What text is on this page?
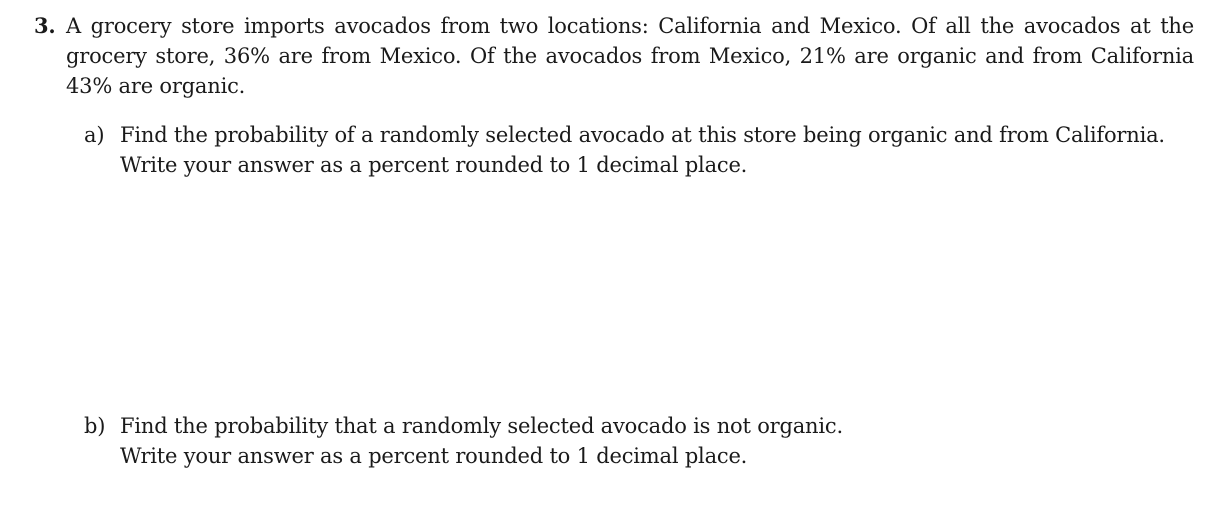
3. A grocery store imports avocados from two locations: California and Mexico. Of all the avocados at the grocery store, 36% are from Mexico. Of the avocados from Mexico, 21% are organic and from California 43% are organic.
a) Find the probability of a randomly selected avocado at this store being organic and from California.
Write your answer as a percent rounded to 1 decimal place.
b) Find the probability that a randomly selected avocado is not organic.
Write your answer as a percent rounded to 1 decimal place.
